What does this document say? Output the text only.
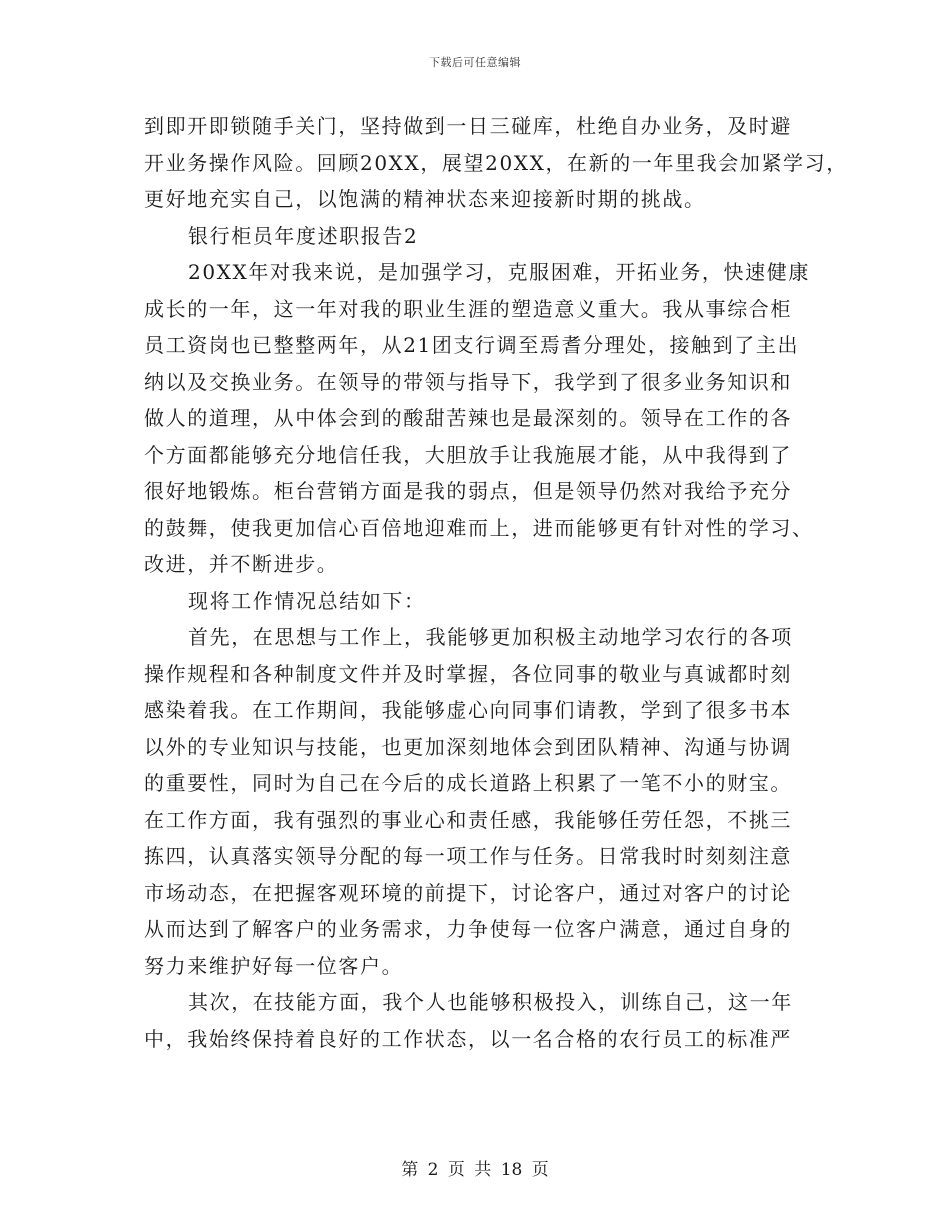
下载后可任意编辑
到即开即锁随手关门，坚持做到一日三碰库，杜绝自办业务，及时避
开业务操作风险。回顾20XX，展望20XX，在新的一年里我会加紧学习，
更好地充实自己，以饱满的精神状态来迎接新时期的挑战。
银行柜员年度述职报告2
20XX年对我来说，是加强学习，克服困难，开拓业务，快速健康
成长的一年，这一年对我的职业生涯的塑造意义重大。我从事综合柜
员工资岗也已整整两年，从21团支行调至焉耆分理处，接触到了主出
纳以及交换业务。在领导的带领与指导下，我学到了很多业务知识和
做人的道理，从中体会到的酸甜苦辣也是最深刻的。领导在工作的各
个方面都能够充分地信任我，大胆放手让我施展才能，从中我得到了
很好地锻炼。柜台营销方面是我的弱点，但是领导仍然对我给予充分
的鼓舞，使我更加信心百倍地迎难而上，进而能够更有针对性的学习、
改进，并不断进步。
现将工作情况总结如下：
首先，在思想与工作上，我能够更加积极主动地学习农行的各项
操作规程和各种制度文件并及时掌握，各位同事的敬业与真诚都时刻
感染着我。在工作期间，我能够虚心向同事们请教，学到了很多书本
以外的专业知识与技能，也更加深刻地体会到团队精神、沟通与协调
的重要性，同时为自己在今后的成长道路上积累了一笔不小的财宝。
在工作方面，我有强烈的事业心和责任感，我能够任劳任怨，不挑三
拣四，认真落实领导分配的每一项工作与任务。日常我时时刻刻注意
市场动态，在把握客观环境的前提下，讨论客户，通过对客户的讨论
从而达到了解客户的业务需求，力争使每一位客户满意，通过自身的
努力来维护好每一位客户。
其次，在技能方面，我个人也能够积极投入，训练自己，这一年
中，我始终保持着良好的工作状态，以一名合格的农行员工的标准严
第 2 页 共 18 页
